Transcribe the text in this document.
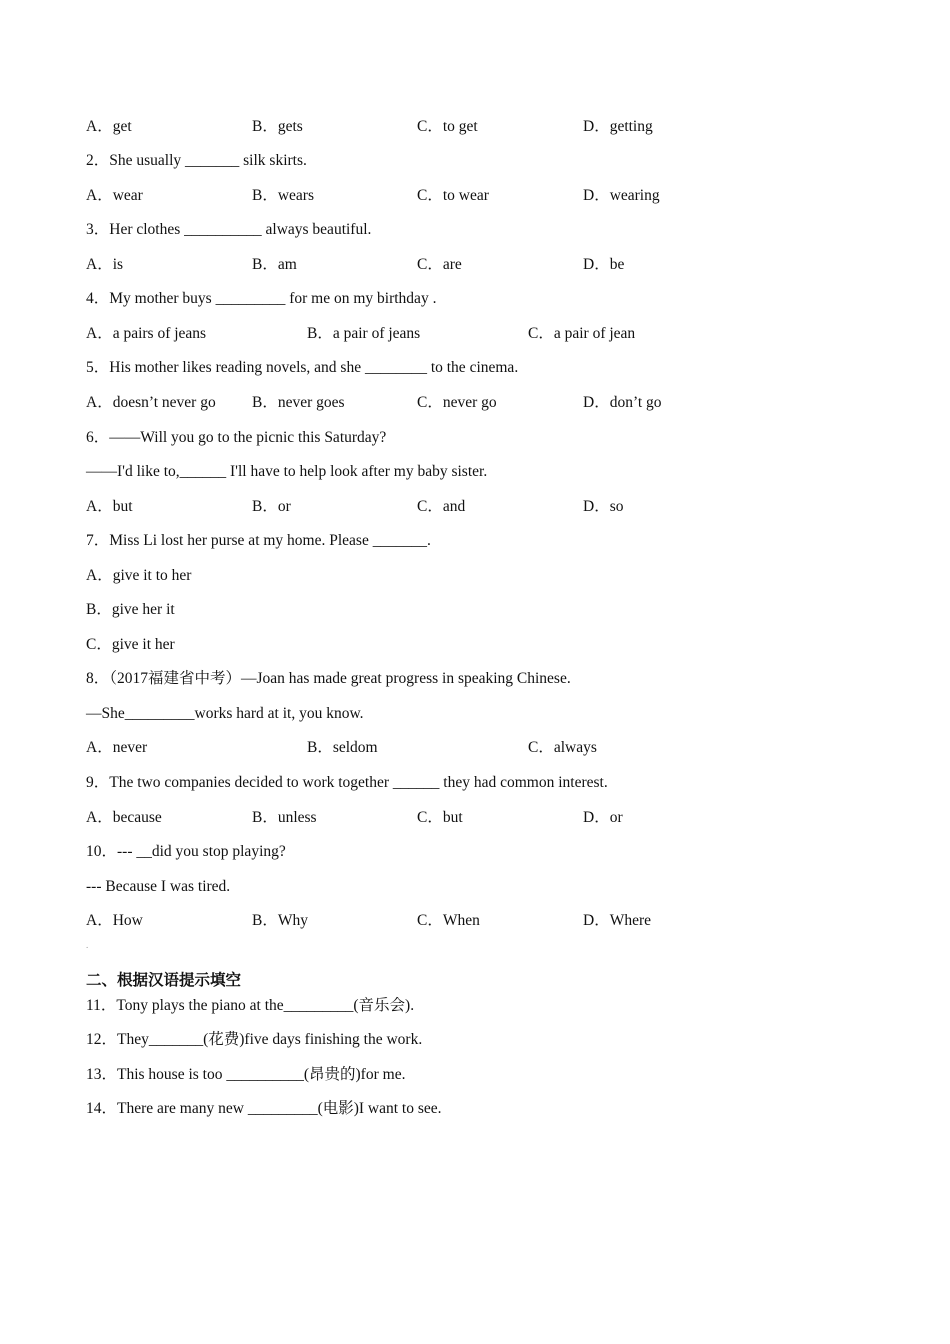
A．get	B．gets	C．to get	D．getting
2．She usually _______ silk skirts.
A．wear	B．wears	C．to wear	D．wearing
3．Her clothes __________ always beautiful.
A．is	B．am	C．are	D．be
4．My mother buys _________ for me on my birthday .
A．a pairs of jeans	B．a pair of jeans	C．a pair of jean
5．His mother likes reading novels, and she ________ to the cinema.
A．doesn’t never go B．never goes	C．never go	D．don’t go
6．——Will you go to the picnic this Saturday?
——I'd like to,______ I'll have to help look after my baby sister.
A．but	B．or	C．and	D．so
7．Miss Li lost her purse at my home. Please _______.
A．give it to her
B．give her it
C．give it her
8．（2017福建省中考）—Joan has made great progress in speaking Chinese.
—She_________works hard at it, you know.
A．never	B．seldom	C．always
9．The two companies decided to work together ______ they had common interest.
A．because	B．unless	C．but	D．or
10．--- __did you stop playing?
--- Because I was tired.
A．How	B．Why	C．When	D．Where
.
二、根据汉语提示填空
11．Tony plays the piano at the_________(音乐会).
12．They_______(花费)five days finishing the work.
13．This house is too __________(昂贵的)for me.
14．There are many new _________(电影)I want to see.
